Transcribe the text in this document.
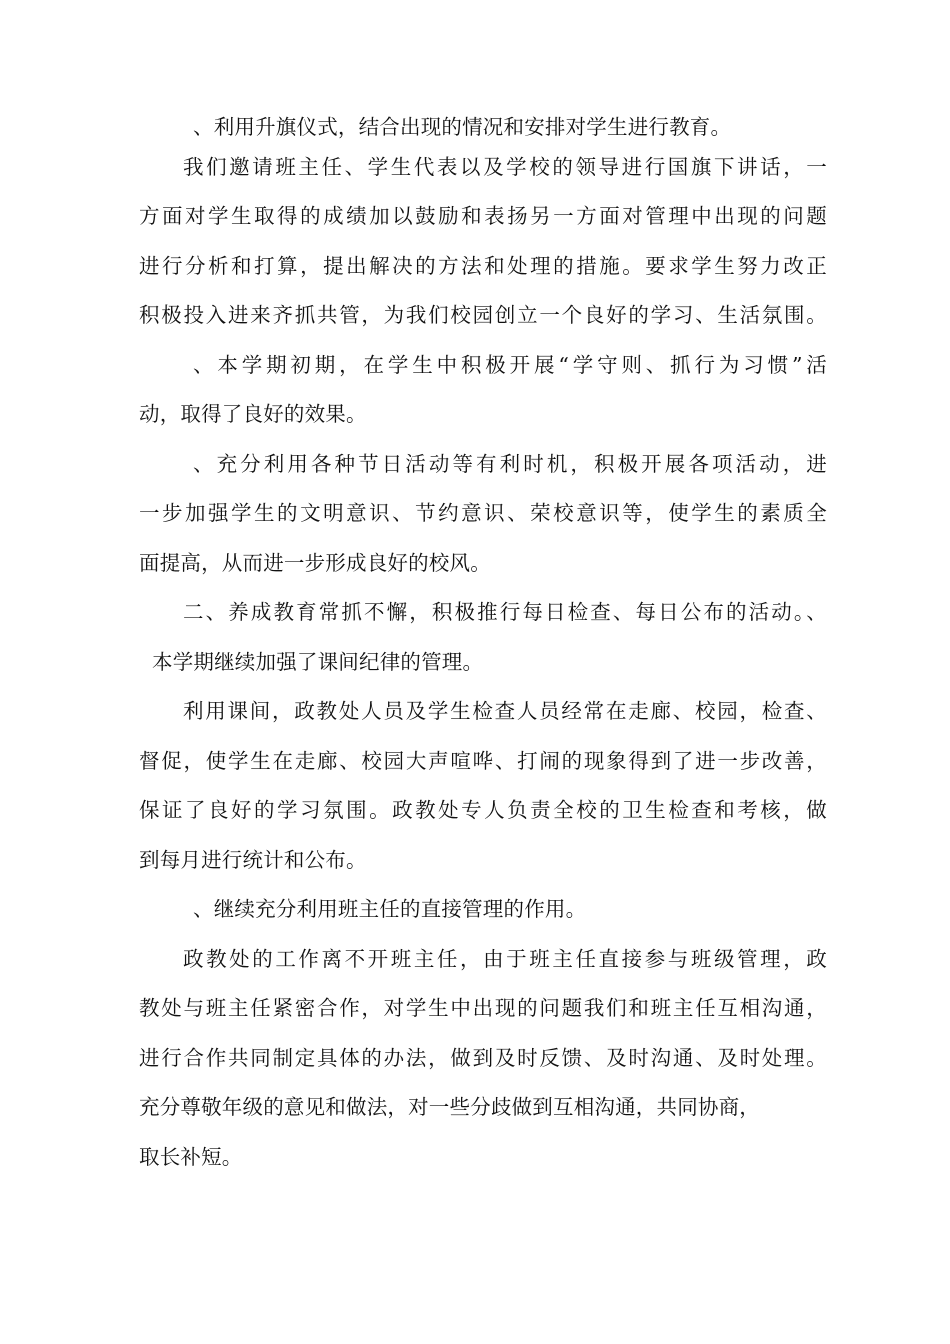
、利用升旗仪式，结合出现的情况和安排对学生进行教育。
我们邀请班主任、学生代表以及学校的领导进行国旗下讲话，一
方面对学生取得的成绩加以鼓励和表扬另一方面对管理中出现的问题
进行分析和打算，提出解决的方法和处理的措施。要求学生努力改正
积极投入进来齐抓共管，为我们校园创立一个良好的学习、生活氛围。
、本学期初期，在学生中积极开展“学守则、抓行为习惯”活
动，取得了良好的效果。
、充分利用各种节日活动等有利时机，积极开展各项活动，进
一步加强学生的文明意识、节约意识、荣校意识等，使学生的素质全
面提高，从而进一步形成良好的校风。
二、养成教育常抓不懈，积极推行每日检查、每日公布的活动。、
本学期继续加强了课间纪律的管理。
利用课间，政教处人员及学生检查人员经常在走廊、校园，检查、
督促，使学生在走廊、校园大声喧哗、打闹的现象得到了进一步改善，
保证了良好的学习氛围。政教处专人负责全校的卫生检查和考核，做
到每月进行统计和公布。
、继续充分利用班主任的直接管理的作用。
政教处的工作离不开班主任，由于班主任直接参与班级管理，政
教处与班主任紧密合作，对学生中出现的问题我们和班主任互相沟通，
进行合作共同制定具体的办法，做到及时反馈、及时沟通、及时处理。
充分尊敬年级的意见和做法，对一些分歧做到互相沟通，共同协商，
取长补短。
